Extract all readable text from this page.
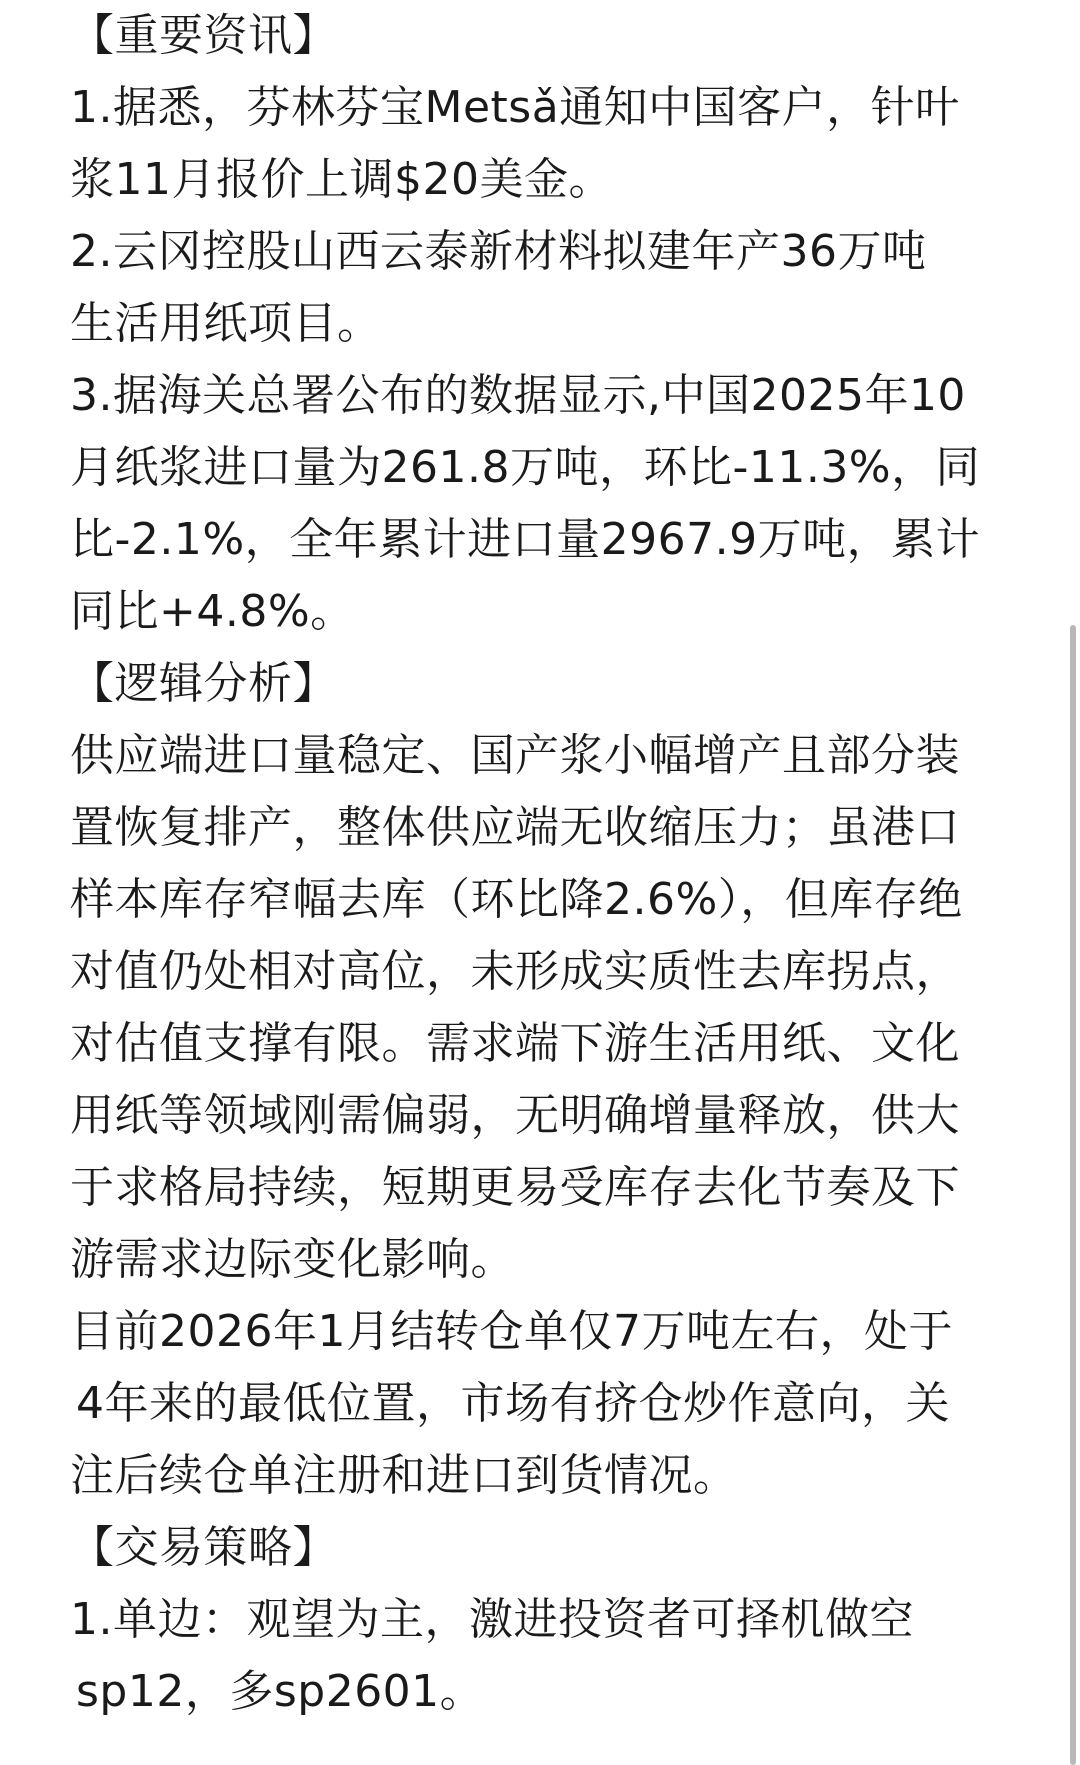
【重要资讯】
1.据悉，芬林芬宝Metsǎ通知中国客户，针叶
浆11月报价上调$20美金。
2.云冈控股山西云泰新材料拟建年产36万吨
生活用纸项目。
3.据海关总署公布的数据显示,中国2025年10
月纸浆进口量为261.8万吨，环比-11.3%，同
比-2.1%，全年累计进口量2967.9万吨，累计
同比+4.8%。
【逻辑分析】
供应端进口量稳定、国产浆小幅增产且部分装
置恢复排产，整体供应端无收缩压力；虽港口
样本库存窄幅去库（环比降2.6%），但库存绝
对值仍处相对高位，未形成实质性去库拐点，
对估值支撑有限。需求端下游生活用纸、文化
用纸等领域刚需偏弱，无明确增量释放，供大
于求格局持续，短期更易受库存去化节奏及下
游需求边际变化影响。
目前2026年1月结转仓单仅7万吨左右，处于
4年来的最低位置，市场有挤仓炒作意向，关
注后续仓单注册和进口到货情况。
【交易策略】
1.单边：观望为主，激进投资者可择机做空
sp12，多sp2601。
